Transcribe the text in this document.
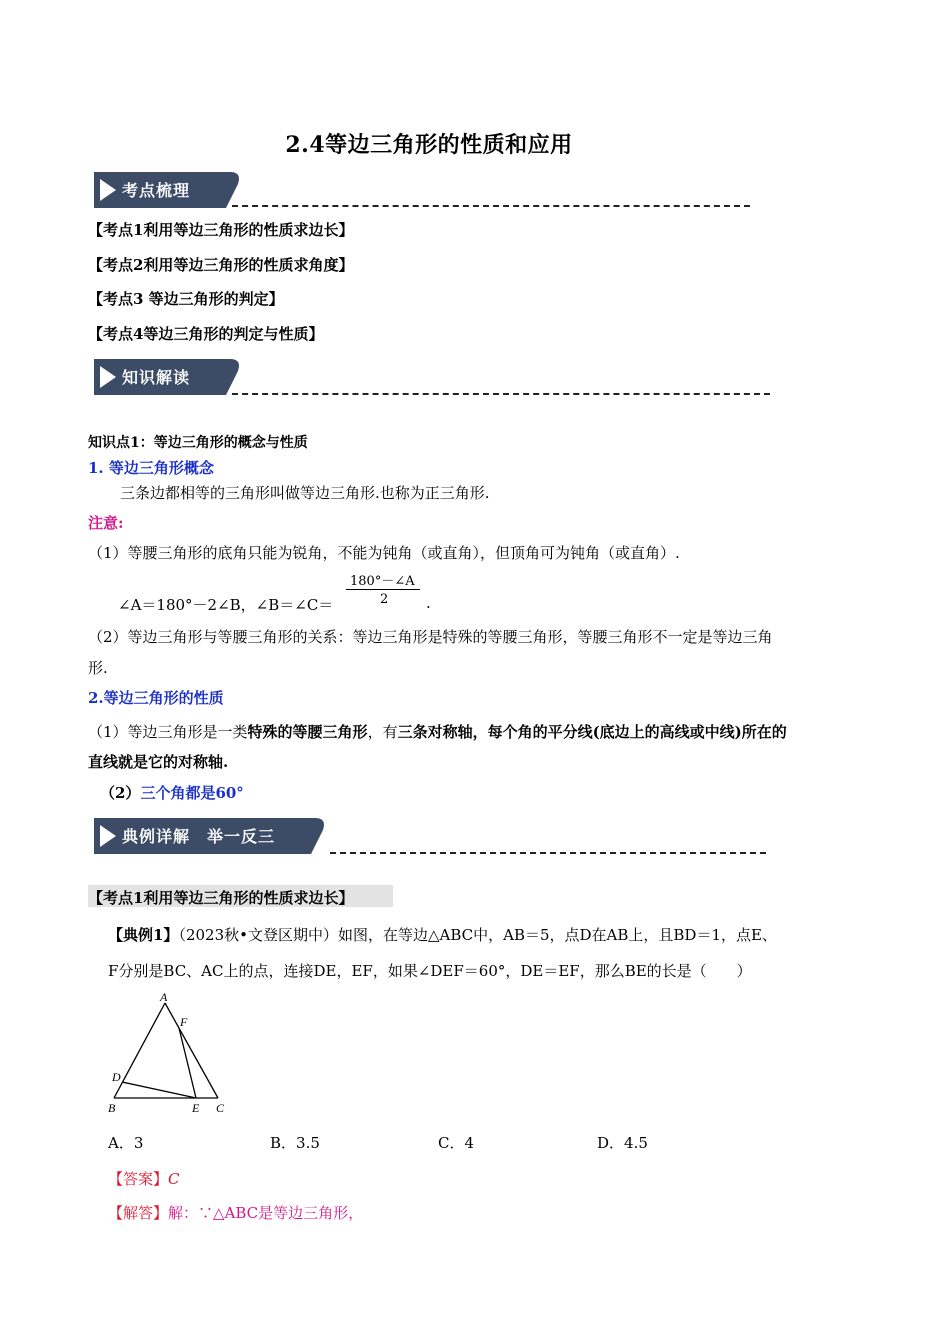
2.4等边三角形的性质和应用
考点梳理
【考点1利用等边三角形的性质求边长】
【考点2利用等边三角形的性质求角度】
【考点3 等边三角形的判定】
【考点4等边三角形的判定与性质】
知识解读
知识点1：等边三角形的概念与性质
1. 等边三角形概念
三条边都相等的三角形叫做等边三角形.也称为正三角形.
注意:
（1）等腰三角形的底角只能为锐角，不能为钝角（或直角），但顶角可为钝角（或直角）.
∠A＝180°－2∠B，∠B＝∠C＝
180°－∠A
2	.
（2）等边三角形与等腰三角形的关系：等边三角形是特殊的等腰三角形，等腰三角形不一定是等边三角
形.
2.等边三角形的性质
（1）等边三角形是一类特殊的等腰三角形，有三条对称轴，每个角的平分线(底边上的高线或中线)所在的
直线就是它的对称轴.
（2）三个角都是60°
典例详解　举一反三
【考点1利用等边三角形的性质求边长】
【典例1】（2023秋•文登区期中）如图，在等边△ABC中，AB＝5，点D在AB上，且BD＝1，点E、
F分别是BC、AC上的点，连接DE，EF，如果∠DEF＝60°，DE＝EF，那么BE的长是（　　）
A
B	C
D
E
F
A．3	B．3.5	C．4	D．4.5
【答案】C
【解答】解：∵△ABC是等边三角形，
